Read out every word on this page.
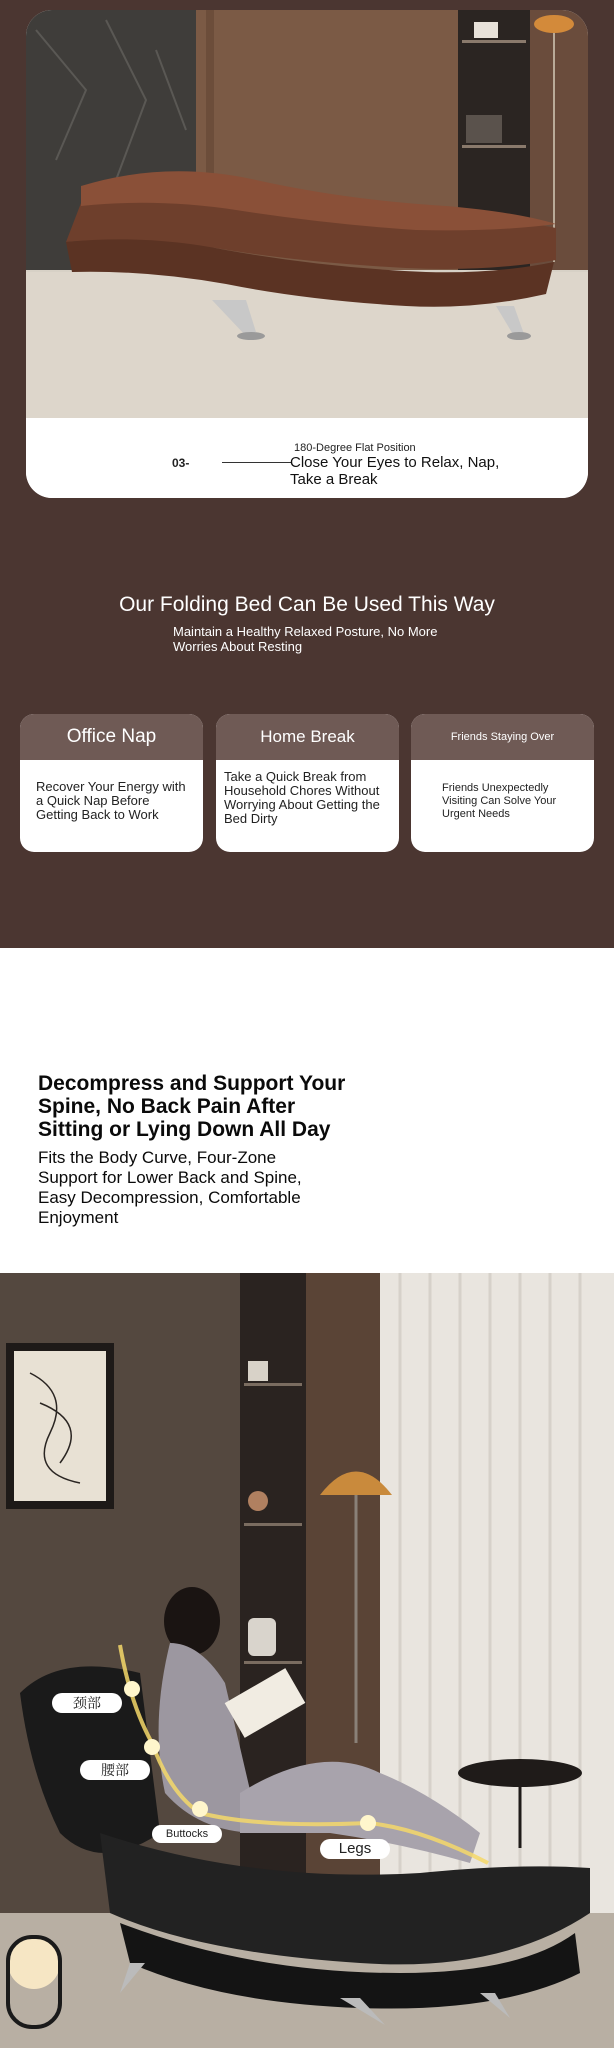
03-
180-Degree Flat Position
Close Your Eyes to Relax, Nap, Take a Break
Our Folding Bed Can Be Used This Way
Maintain a Healthy Relaxed Posture, No More Worries About Resting
Office Nap
Recover Your Energy with a Quick Nap Before Getting Back to Work
Home Break
Take a Quick Break from Household Chores Without Worrying About Getting the Bed Dirty
Friends Staying Over
Friends Unexpectedly Visiting Can Solve Your Urgent Needs
Decompress and Support Your Spine, No Back Pain After Sitting or Lying Down All Day
Fits the Body Curve, Four-Zone Support for Lower Back and Spine, Easy Decompression, Comfortable Enjoyment
颈部
腰部
Buttocks
Legs
